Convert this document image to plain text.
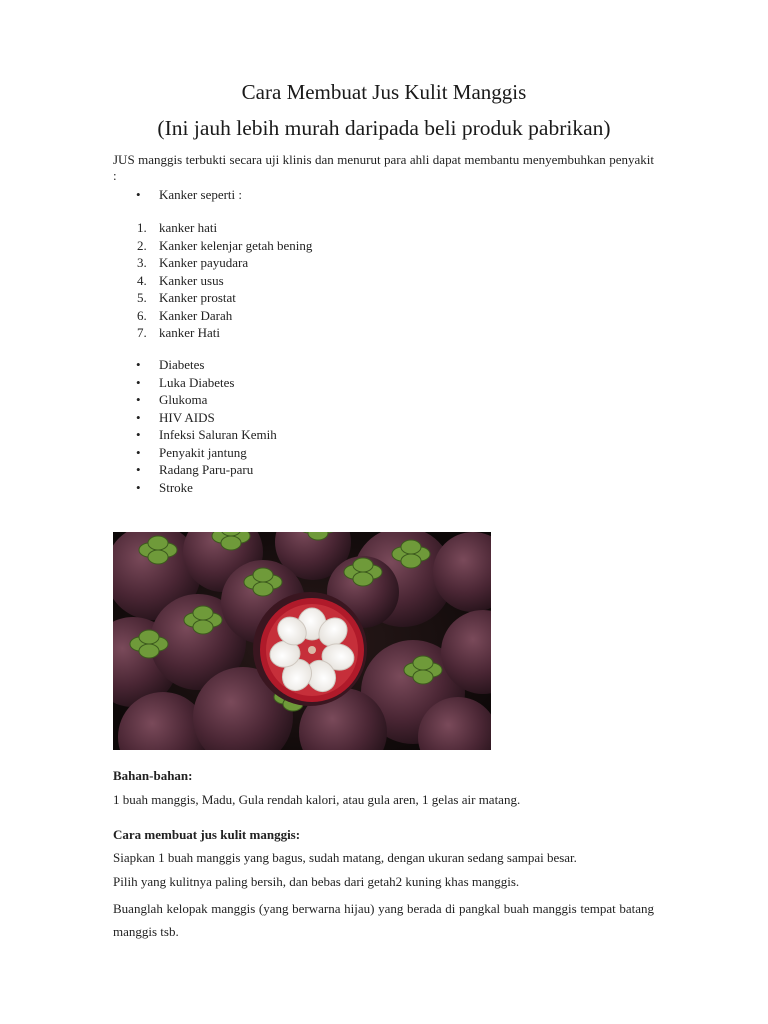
Cara Membuat Jus Kulit Manggis
(Ini jauh lebih murah daripada beli produk pabrikan)

JUS manggis terbukti secara uji klinis dan menurut para ahli dapat membantu menyembuhkan penyakit :

• Kanker seperti :
1. kanker hati
2. Kanker kelenjar getah bening
3. Kanker payudara
4. Kanker usus
5. Kanker prostat
6. Kanker Darah
7. kanker Hati
• Diabetes
• Luka Diabetes
• Glukoma
• HIV AIDS
• Infeksi Saluran Kemih
• Penyakit jantung
• Radang Paru-paru
• Stroke

Bahan-bahan:

1 buah manggis, Madu, Gula rendah kalori, atau gula aren, 1 gelas air matang.

Cara membuat jus kulit manggis:

Siapkan 1 buah manggis yang bagus, sudah matang, dengan ukuran sedang sampai besar.

Pilih yang kulitnya paling bersih, dan bebas dari getah2 kuning khas manggis.

Buanglah kelopak manggis (yang berwarna hijau) yang berada di pangkal buah manggis tempat batang manggis tsb.
